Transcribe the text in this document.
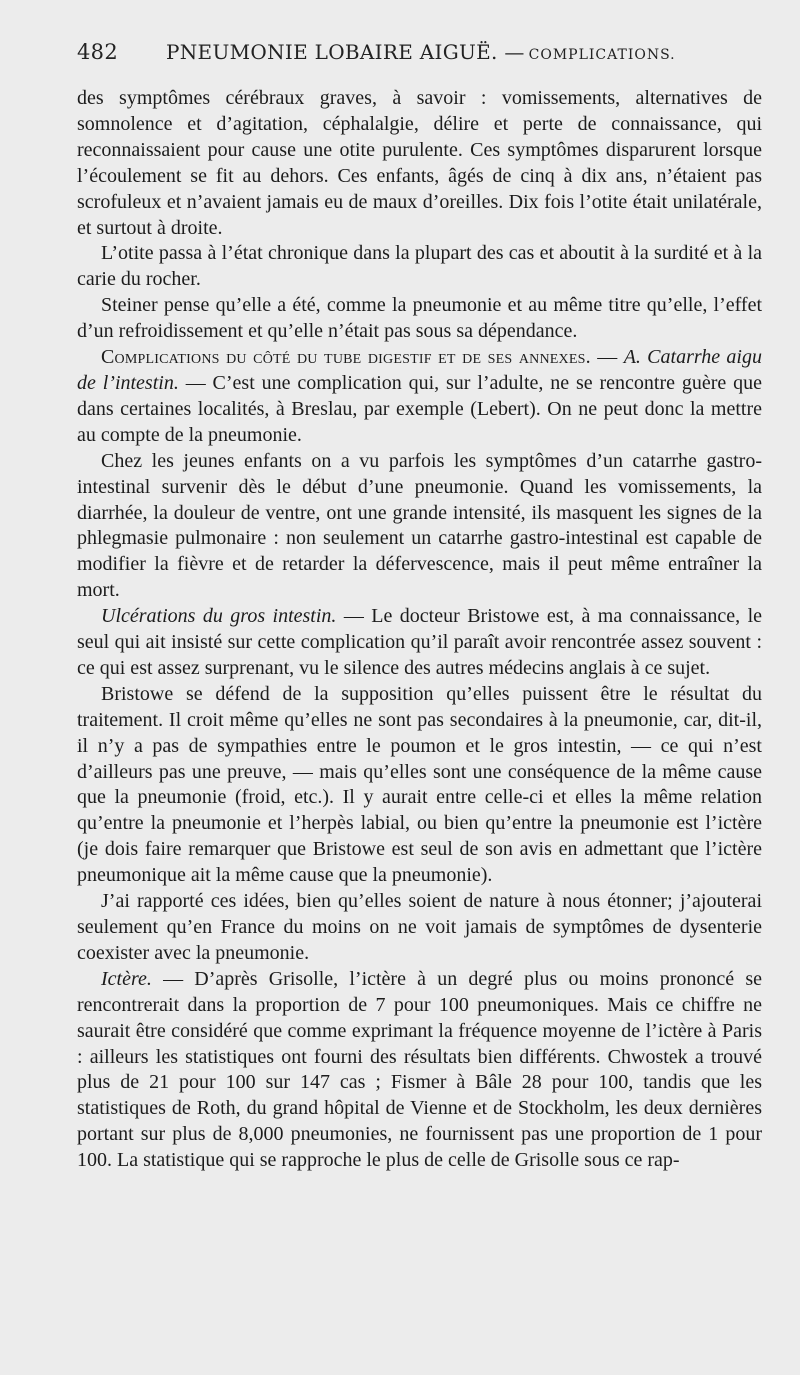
482 PNEUMONIE LOBAIRE AIGUË. — COMPLICATIONS.

des symptômes cérébraux graves, à savoir : vomissements, alternatives de somnolence et d’agitation, céphalalgie, délire et perte de connaissance, qui reconnaissaient pour cause une otite purulente. Ces symptômes disparurent lorsque l’écoulement se fit au dehors. Ces enfants, âgés de cinq à dix ans, n’étaient pas scrofuleux et n’avaient jamais eu de maux d’oreilles. Dix fois l’otite était unilatérale, et surtout à droite.

L’otite passa à l’état chronique dans la plupart des cas et aboutit à la surdité et à la carie du rocher.

Steiner pense qu’elle a été, comme la pneumonie et au même titre qu’elle, l’effet d’un refroidissement et qu’elle n’était pas sous sa dépendance.

Complications du côté du tube digestif et de ses annexes. — A. Catarrhe aigu de l’intestin. — C’est une complication qui, sur l’adulte, ne se rencontre guère que dans certaines localités, à Breslau, par exemple (Lebert). On ne peut donc la mettre au compte de la pneumonie.

Chez les jeunes enfants on a vu parfois les symptômes d’un catarrhe gastro-intestinal survenir dès le début d’une pneumonie. Quand les vomissements, la diarrhée, la douleur de ventre, ont une grande intensité, ils masquent les signes de la phlegmasie pulmonaire : non seulement un catarrhe gastro-intestinal est capable de modifier la fièvre et de retarder la défervescence, mais il peut même entraîner la mort.

Ulcérations du gros intestin. — Le docteur Bristowe est, à ma connaissance, le seul qui ait insisté sur cette complication qu’il paraît avoir rencontrée assez souvent : ce qui est assez surprenant, vu le silence des autres médecins anglais à ce sujet.

Bristowe se défend de la supposition qu’elles puissent être le résultat du traitement. Il croit même qu’elles ne sont pas secondaires à la pneumonie, car, dit-il, il n’y a pas de sympathies entre le poumon et le gros intestin, — ce qui n’est d’ailleurs pas une preuve, — mais qu’elles sont une conséquence de la même cause que la pneumonie (froid, etc.). Il y aurait entre celle-ci et elles la même relation qu’entre la pneumonie et l’herpès labial, ou bien qu’entre la pneumonie est l’ictère (je dois faire remarquer que Bristowe est seul de son avis en admettant que l’ictère pneumonique ait la même cause que la pneumonie).

J’ai rapporté ces idées, bien qu’elles soient de nature à nous étonner; j’ajouterai seulement qu’en France du moins on ne voit jamais de symptômes de dysenterie coexister avec la pneumonie.

Ictère. — D’après Grisolle, l’ictère à un degré plus ou moins prononcé se rencontrerait dans la proportion de 7 pour 100 pneumoniques. Mais ce chiffre ne saurait être considéré que comme exprimant la fréquence moyenne de l’ictère à Paris : ailleurs les statistiques ont fourni des résultats bien différents. Chwostek a trouvé plus de 21 pour 100 sur 147 cas ; Fismer à Bâle 28 pour 100, tandis que les statistiques de Roth, du grand hôpital de Vienne et de Stockholm, les deux dernières portant sur plus de 8,000 pneumonies, ne fournissent pas une proportion de 1 pour 100. La statistique qui se rapproche le plus de celle de Grisolle sous ce rap-
